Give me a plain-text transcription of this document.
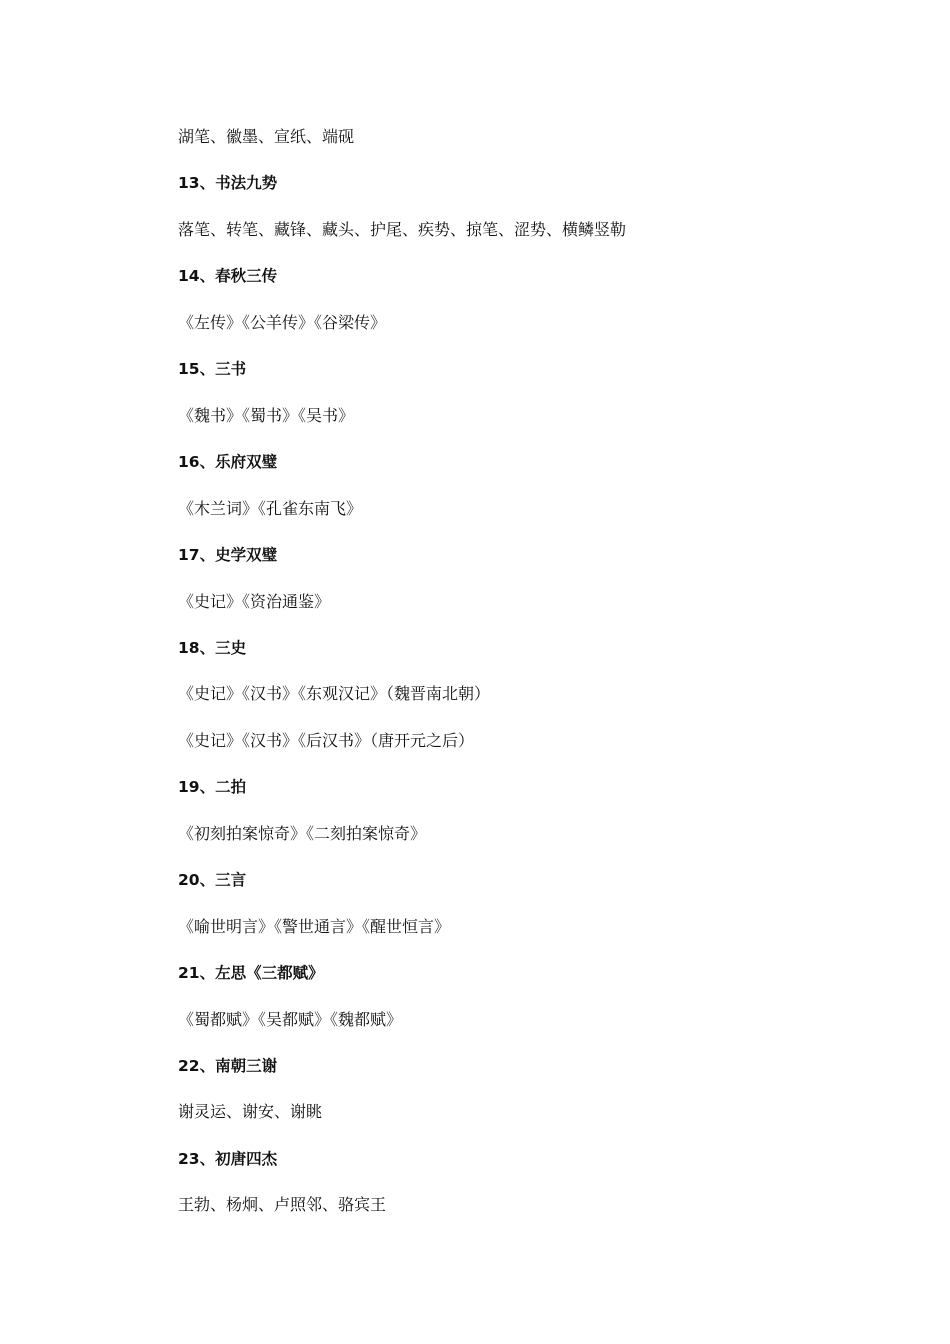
湖笔、徽墨、宣纸、端砚
13、书法九势
落笔、转笔、藏锋、藏头、护尾、疾势、掠笔、涩势、横鳞竖勒
14、春秋三传
《左传》《公羊传》《谷梁传》
15、三书
《魏书》《蜀书》《吴书》
16、乐府双璧
《木兰词》《孔雀东南飞》
17、史学双璧
《史记》《资治通鉴》
18、三史
《史记》《汉书》《东观汉记》（魏晋南北朝）
《史记》《汉书》《后汉书》（唐开元之后）
19、二拍
《初刻拍案惊奇》《二刻拍案惊奇》
20、三言
《喻世明言》《警世通言》《醒世恒言》
21、左思《三都赋》
《蜀都赋》《吴都赋》《魏都赋》
22、南朝三谢
谢灵运、谢安、谢眺
23、初唐四杰
王勃、杨炯、卢照邻、骆宾王
